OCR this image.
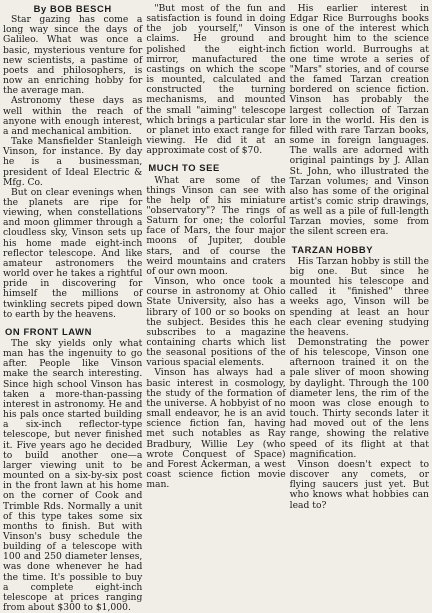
By BOB BESCH

Star gazing has come a long way since the days of Galileo. What was once a basic, mysterious venture for new scientists, a pastime of poets and philosophers, is now an enriching hobby for the average man.

Astronomy these days as well within the reach of anyone with enough interest, a and mechanical ambition.

Take Mansfielder Stanleigh Vinson, for instance. By day he is a businessman, president of Ideal Electric & Mfg. Co.

But on clear evenings when the planets are ripe for viewing, when constellations and moon glimmer through a cloudless sky, Vinson sets up his home made eight-inch reflector telescope. And like amateur astronomers the world over he takes a rightful pride in discovering for himself the millions of twinkling secrets piped down to earth by the heavens.

ON FRONT LAWN

The sky yields only what man has the ingenuity to go after. People like Vinson make the search interesting. Since high school Vinson has taken a more-than-passing interest in astronomy. He and his pals once started building a six-inch reflector-type telescope, but never finished it. Five years ago he decided to build another one—a larger viewing unit to be mounted on a six-by-six post in the front lawn at his home on the corner of Cook and Trimble Rds. Normally a unit of this type takes some six months to finish. But with Vinson's busy schedule the building of a telescope with 100 and 250 diameter lenses, was done whenever he had the time. It's possible to buy a complete eight-inch telescope at prices ranging from about $300 to $1,000.

"But most of the fun and satisfaction is found in doing the job yourself," Vinson claims. He ground and polished the eight-inch mirror, manufactured the castings on which the scope is mounted, calculated and constructed the turning mechanisms, and mounted the small "aiming" telescope which brings a particular star or planet into exact range for viewing. He did it at an approximate cost of $70.

MUCH TO SEE

What are some of the things Vinson can see with the help of his miniature "observatory"? The rings of Saturn for one; the colorful face of Mars, the four major moons of Jupiter, double stars, and of course the weird mountains and craters of our own moon.

Vinson, who once took a course in astronomy at Ohio State University, also has a library of 100 or so books on the subject. Besides this he subscribes to a magazine containing charts which list the seasonal positions of the various spacial elements.

Vinson has always had a basic interest in cosmology, the study of the formation of the universe. A hobbyist of no small endeavor, he is an avid science fiction fan, having met such notables as Ray Bradbury, Willie Ley (who wrote Conquest of Space) and Forest Ackerman, a west coast science fiction movie man.

His earlier interest in Edgar Rice Burroughs books is one of the interest which brought him to the science fiction world. Burroughs at one time wrote a series of "Mars" stories, and of course the famed Tarzan creation bordered on science fiction. Vinson has probably the largest collection of Tarzan lore in the world. His den is filled with rare Tarzan books, some in foreign languages. The walls are adorned with original paintings by J. Allan St. John, who illustrated the Tarzan volumes; and Vinson also has some of the original artist's comic strip drawings, as well as a pile of full-length Tarzan movies, some from the silent screen era.

TARZAN HOBBY

His Tarzan hobby is still the big one. But since he mounted his telescope and called it "finished" three weeks ago, Vinson will be spending at least an hour each clear evening studying the heavens.

Demonstrating the power of his telescope, Vinson one afternoon trained it on the pale sliver of moon showing by daylight. Through the 100 diameter lens, the rim of the moon was close enough to touch. Thirty seconds later it had moved out of the lens range, showing the relative speed of its flight at that magnification.

Vinson doesn't expect to discover any comets, or flying saucers just yet. But who knows what hobbies can lead to?
